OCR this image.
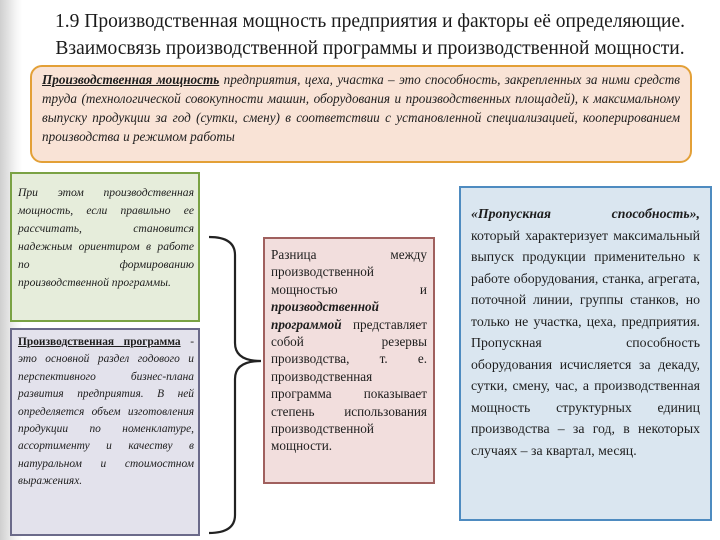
1.9 Производственная мощность предприятия и факторы её определяющие.
Взаимосвязь производственной программы и производственной мощности.
Производственная мощность предприятия, цеха, участка – это способность, закрепленных за ними средств труда (технологической совокупности машин, оборудования и производственных площадей), к максимальному выпуску продукции за год (сутки, смену) в соответствии с установленной специализацией, кооперированием производства и режимом работы
При этом производственная мощность, если правильно ее рассчитать, становится надежным ориентиром в работе по формированию производственной программы.
Производственная программа - это основной раздел годового и перспективного бизнес-плана развития предприятия. В ней определяется объем изготовления продукции по номенклатуре, ассортименту и качеству в натуральном и стоимостном выражениях.
Разница между производственной мощностью и производственной программой представляет собой резервы производства, т. е. производственная программа показывает степень использования производственной мощности.
«Пропускная	способность»,
который характеризует максимальный выпуск продукции применительно к работе оборудования, станка, агрегата, поточной линии, группы станков, но только не участка, цеха, предприятия. Пропускная способность оборудования исчисляется за декаду, сутки, смену, час, а производственная мощность структурных единиц производства – за год, в некоторых случаях – за квартал, месяц.
